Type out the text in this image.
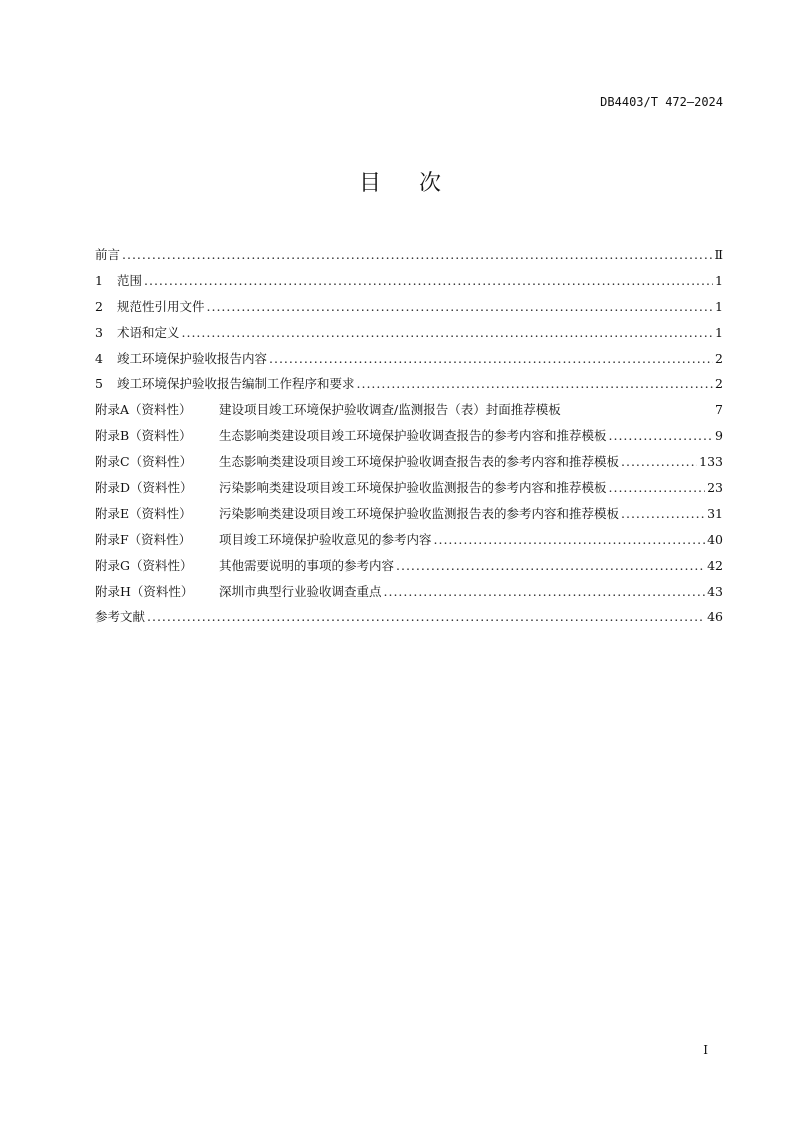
DB4403/T 472—2024
目 次
前言 .....	Ⅱ
1 范围 .....	1
2 规范性引用文件 .....	1
3 术语和定义 .....	1
4 竣工环境保护验收报告内容 .....	2
5 竣工环境保护验收报告编制工作程序和要求 .....	2
附录A（资料性） 建设项目竣工环境保护验收调查/监测报告（表）封面推荐模板	7
附录B（资料性） 生态影响类建设项目竣工环境保护验收调查报告的参考内容和推荐模板 .....	9
附录C（资料性） 生态影响类建设项目竣工环境保护验收调查报告表的参考内容和推荐模板 .....	133
附录D（资料性） 污染影响类建设项目竣工环境保护验收监测报告的参考内容和推荐模板 .....	23
附录E（资料性） 污染影响类建设项目竣工环境保护验收监测报告表的参考内容和推荐模板 .....	31
附录F（资料性） 项目竣工环境保护验收意见的参考内容 .....	40
附录G（资料性） 其他需要说明的事项的参考内容 .....	42
附录H（资料性） 深圳市典型行业验收调查重点 .....	43
参考文献 .....	46
I
